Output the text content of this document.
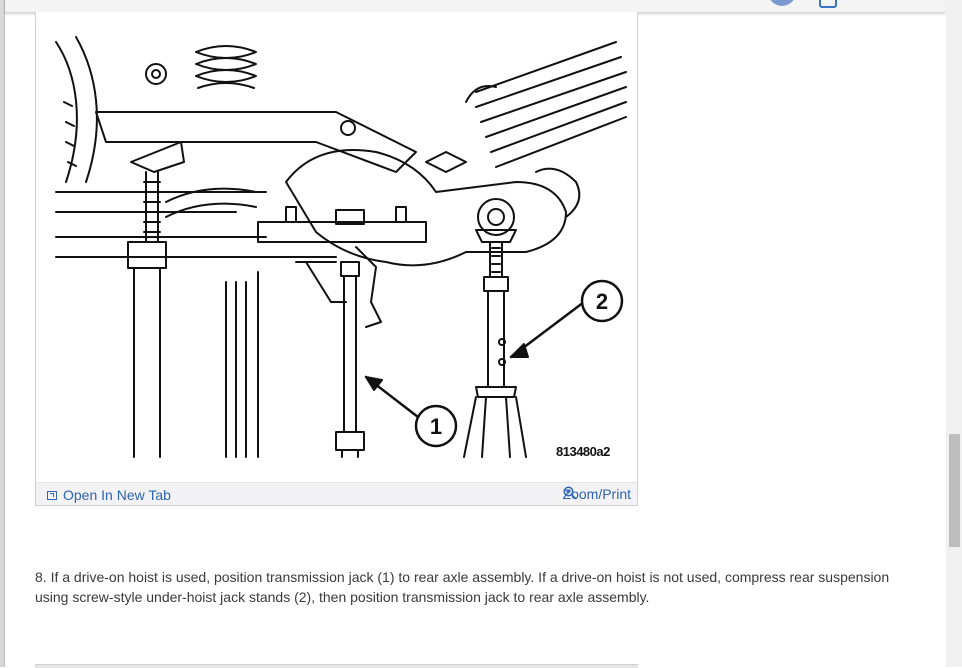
1
2
813480a2
Open In New Tab	Zoom/Print
8. If a drive-on hoist is used, position transmission jack (1) to rear axle assembly. If a drive-on hoist is not used, compress rear suspension using screw-style under-hoist jack stands (2), then position transmission jack to rear axle assembly.
